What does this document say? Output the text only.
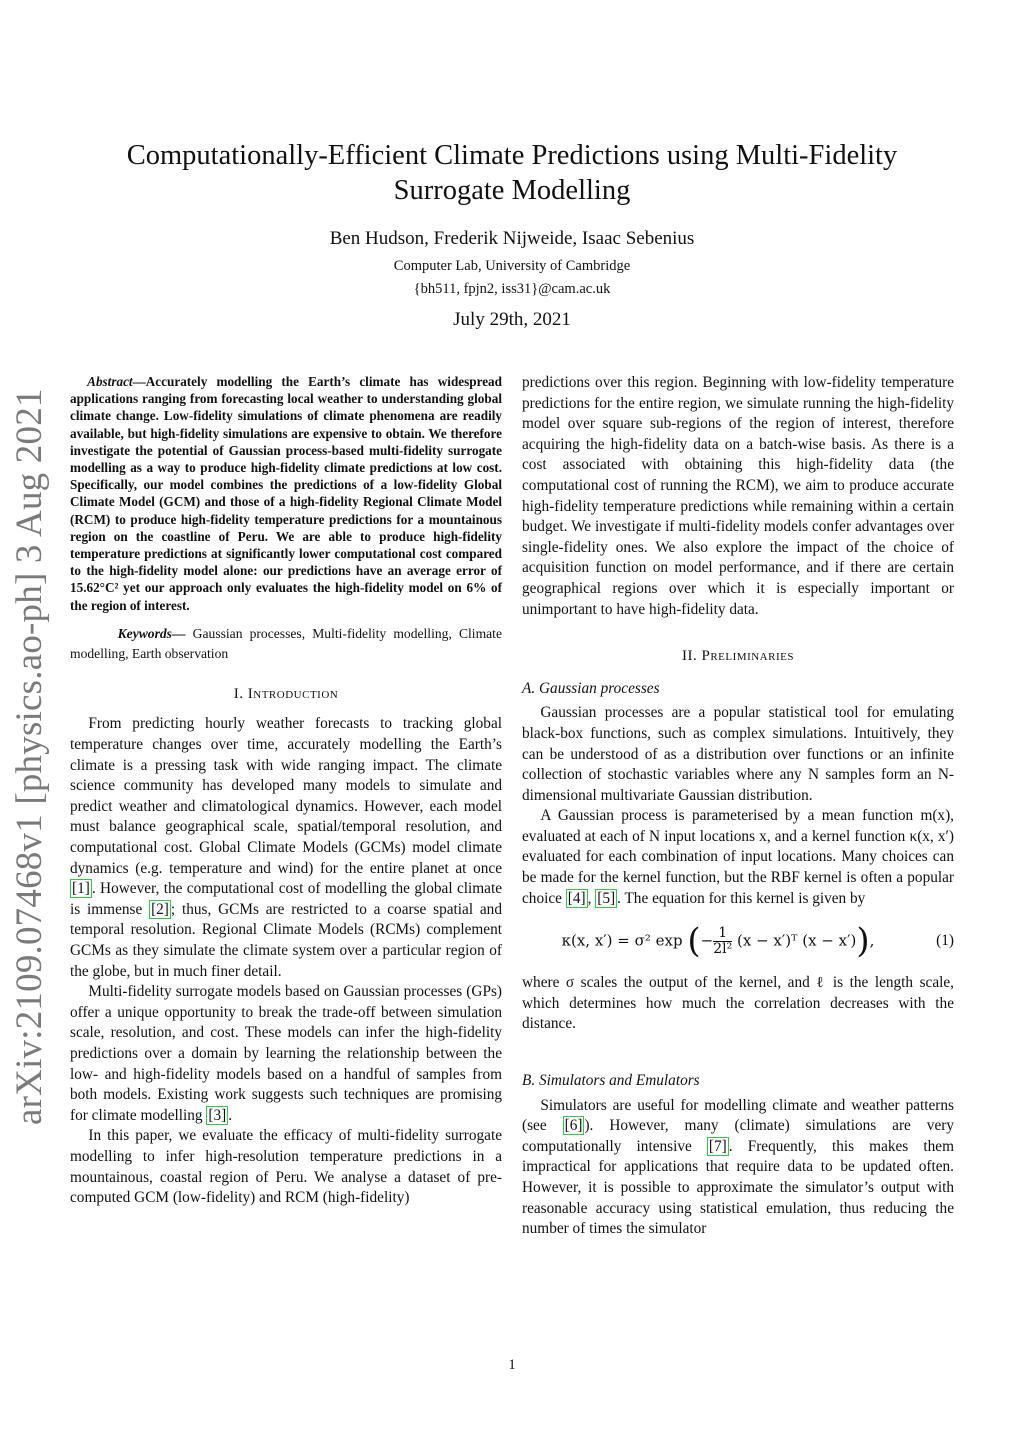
arXiv:2109.07468v1 [physics.ao-ph] 3 Aug 2021
Computationally-Efficient Climate Predictions using Multi-Fidelity
Surrogate Modelling
Ben Hudson, Frederik Nijweide, Isaac Sebenius
Computer Lab, University of Cambridge
{bh511, fpjn2, iss31}@cam.ac.uk
July 29th, 2021

Abstract—Accurately modelling the Earth’s climate has widespread applications ranging from forecasting local weather to understanding global climate change. Low-fidelity simulations of climate phenomena are readily available, but high-fidelity simulations are expensive to obtain. We therefore investigate the potential of Gaussian process-based multi-fidelity surrogate modelling as a way to produce high-fidelity climate predictions at low cost. Specifically, our model combines the predictions of a low-fidelity Global Climate Model (GCM) and those of a high-fidelity Regional Climate Model (RCM) to produce high-fidelity temperature predictions for a mountainous region on the coastline of Peru. We are able to produce high-fidelity temperature predictions at significantly lower computational cost compared to the high-fidelity model alone: our predictions have an average error of 15.62°C² yet our approach only evaluates the high-fidelity model on 6% of the region of interest.

Keywords— Gaussian processes, Multi-fidelity modelling, Climate modelling, Earth observation

I. Introduction

From predicting hourly weather forecasts to tracking global temperature changes over time, accurately modelling the Earth’s climate is a pressing task with wide ranging impact. The climate science community has developed many models to simulate and predict weather and climatological dynamics. However, each model must balance geographical scale, spatial/temporal resolution, and computational cost. Global Climate Models (GCMs) model climate dynamics (e.g. temperature and wind) for the entire planet at once [1] . However, the computational cost of modelling the global climate is immense [2] ; thus, GCMs are restricted to a coarse spatial and temporal resolution. Regional Climate Models (RCMs) complement GCMs as they simulate the climate system over a particular region of the globe, but in much finer detail.

Multi-fidelity surrogate models based on Gaussian processes (GPs) offer a unique opportunity to break the trade-off between simulation scale, resolution, and cost. These models can infer the high-fidelity predictions over a domain by learning the relationship between the low- and high-fidelity models based on a handful of samples from both models. Existing work suggests such techniques are promising for climate modelling [3] .

In this paper, we evaluate the efficacy of multi-fidelity surrogate modelling to infer high-resolution temperature predictions in a mountainous, coastal region of Peru. We analyse a dataset of pre-computed GCM (low-fidelity) and RCM (high-fidelity)

predictions over this region. Beginning with low-fidelity temperature predictions for the entire region, we simulate running the high-fidelity model over square sub-regions of the region of interest, therefore acquiring the high-fidelity data on a batch-wise basis. As there is a cost associated with obtaining this high-fidelity data (the computational cost of running the RCM), we aim to produce accurate high-fidelity temperature predictions while remaining within a certain budget. We investigate if multi-fidelity models confer advantages over single-fidelity ones. We also explore the impact of the choice of acquisition function on model performance, and if there are certain geographical regions over which it is especially important or unimportant to have high-fidelity data.

II. Preliminaries
A. Gaussian processes

Gaussian processes are a popular statistical tool for emulating black-box functions, such as complex simulations. Intuitively, they can be understood of as a distribution over functions or an infinite collection of stochastic variables where any N samples form an N-dimensional multivariate Gaussian distribution.

A Gaussian process is parameterised by a mean function m(x), evaluated at each of N input locations x, and a kernel function κ(x, x′) evaluated for each combination of input locations. Many choices can be made for the kernel function, but the RBF kernel is often a popular choice [4] , [5] . The equation for this kernel is given by

κ(x, x′) = σ² exp (− $\frac{1}{\text{2l²}} (x$ − x′)ᵀ (x − x′)),	(1)

where σ scales the output of the kernel, and ℓ is the length scale, which determines how much the correlation decreases with the distance.

B. Simulators and Emulators

Simulators are useful for modelling climate and weather patterns (see [6] ). However, many (climate) simulations are very computationally intensive [7] . Frequently, this makes them impractical for applications that require data to be updated often. However, it is possible to approximate the simulator’s output with reasonable accuracy using statistical emulation, thus reducing the number of times the simulator

1
